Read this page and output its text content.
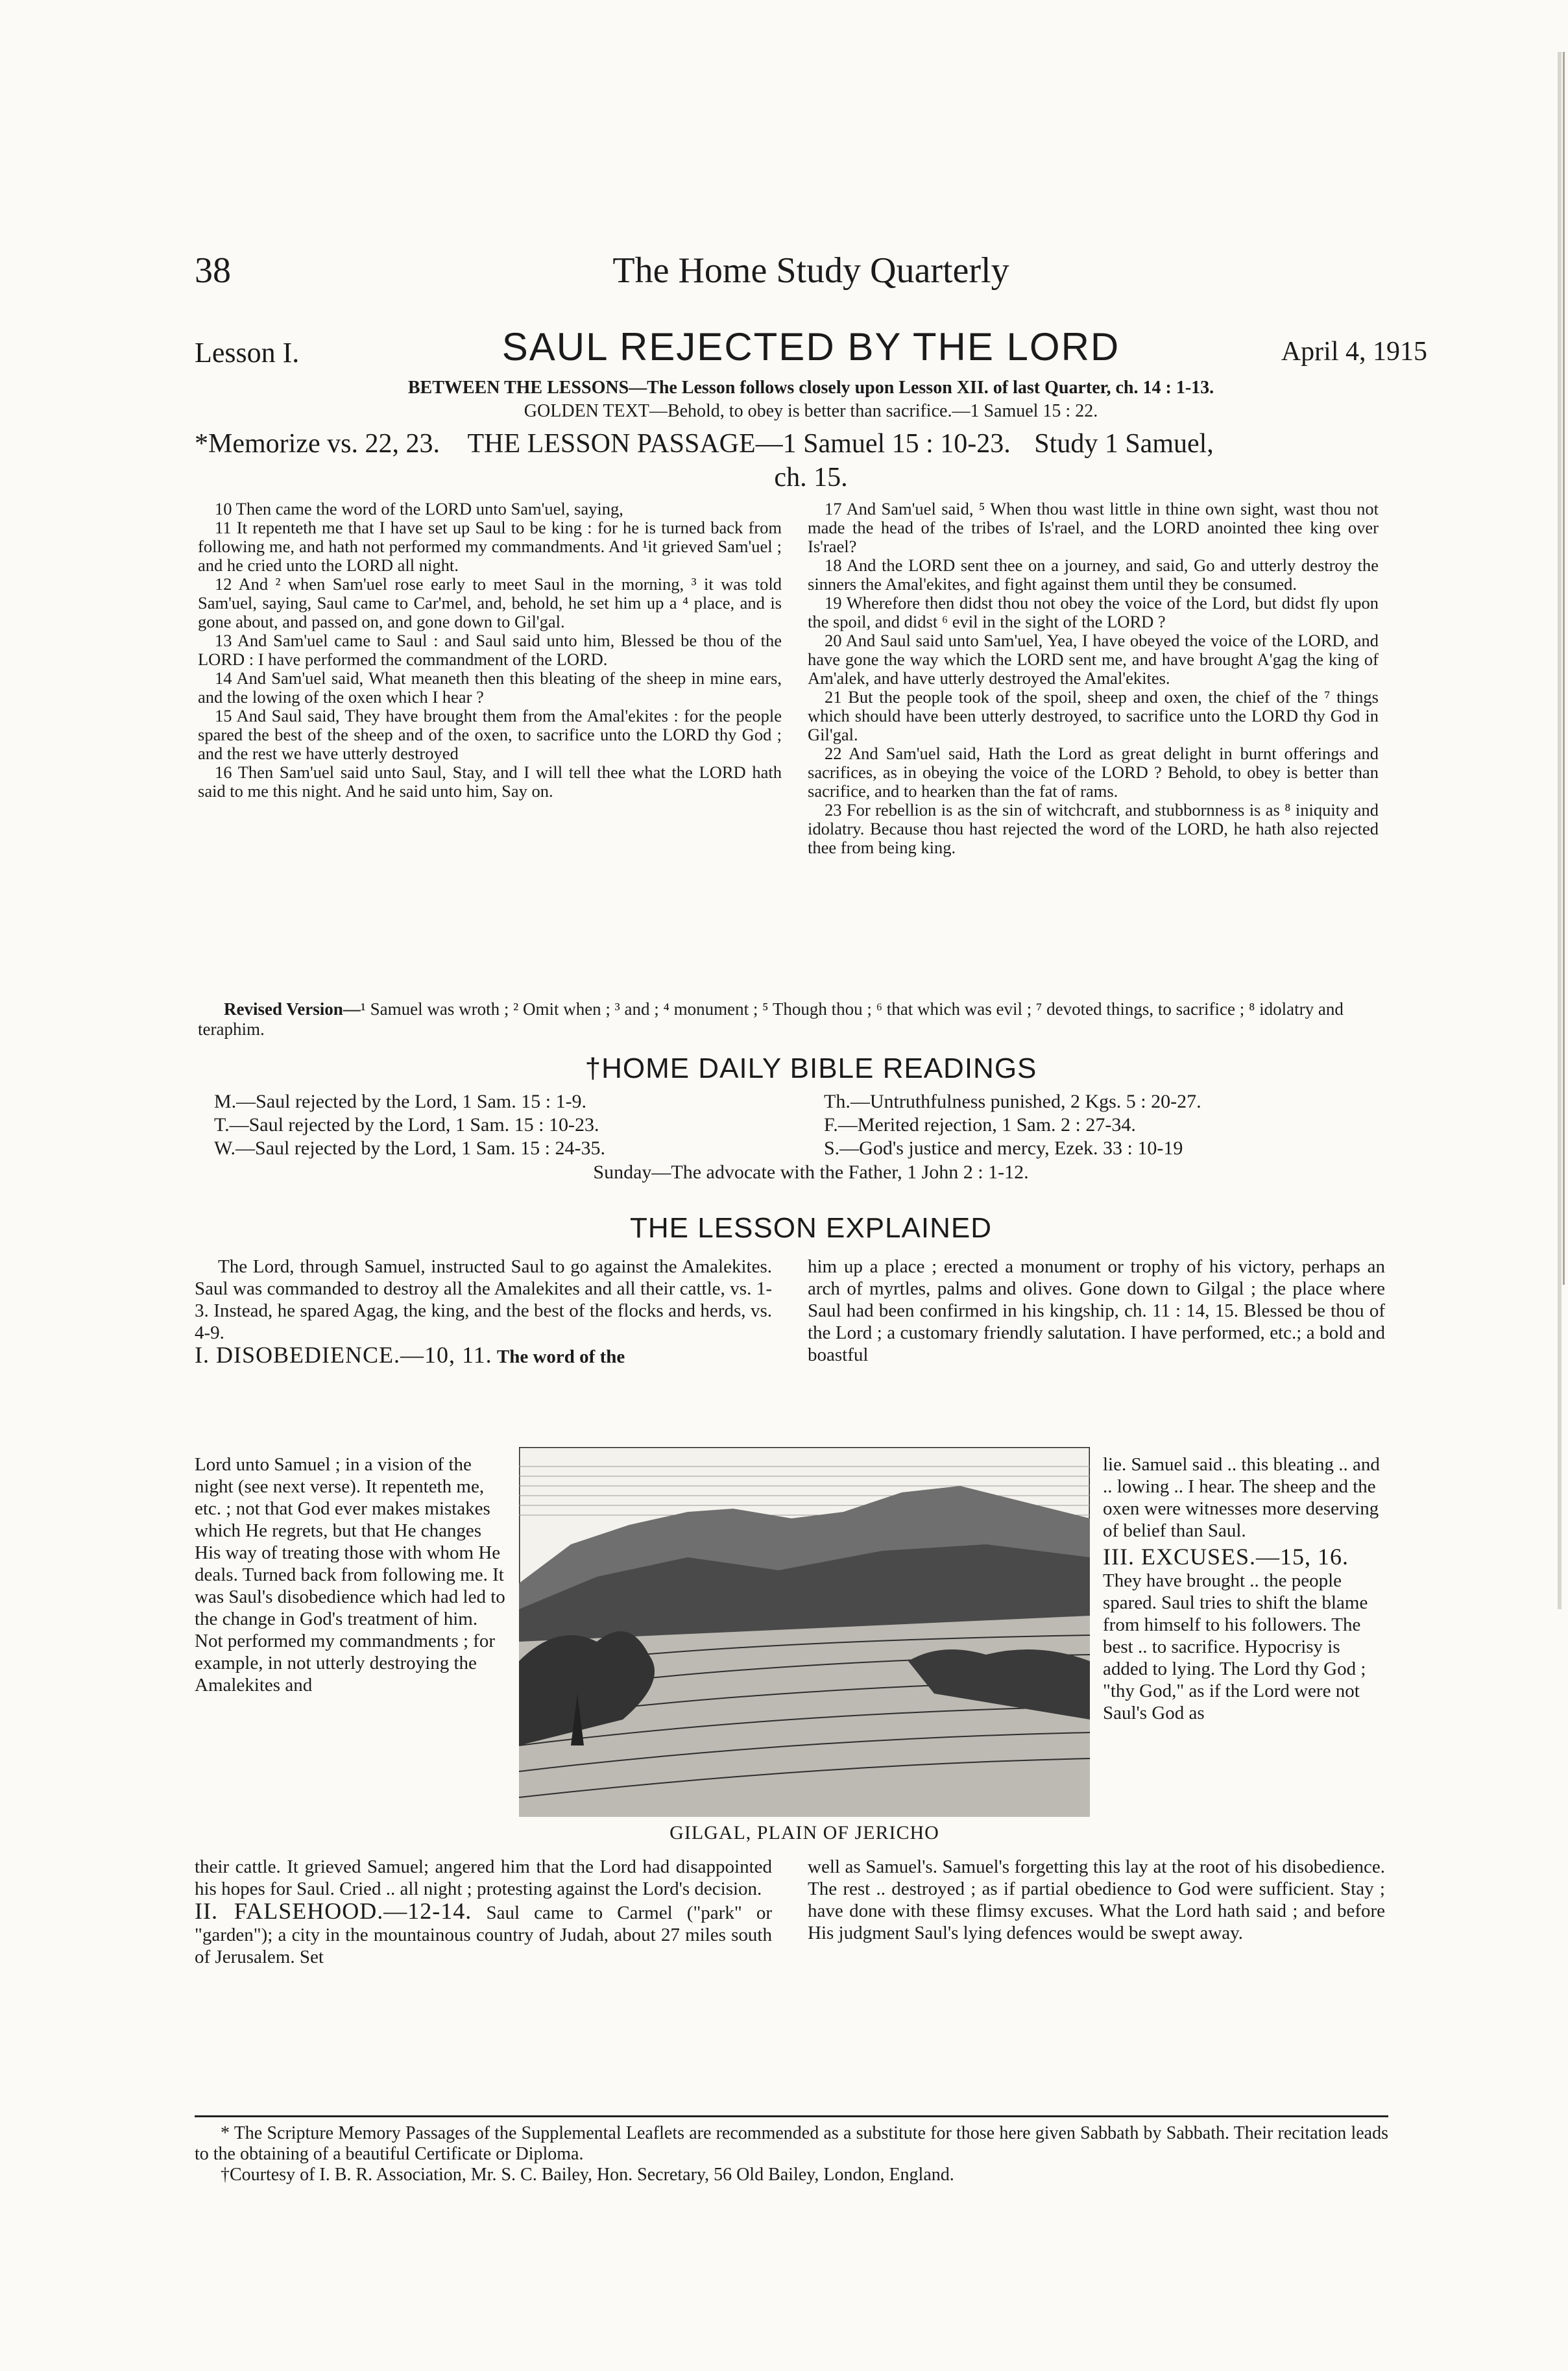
38	The Home Study Quarterly
Lesson I.	SAUL REJECTED BY THE LORD	April 4, 1915
BETWEEN THE LESSONS—The Lesson follows closely upon Lesson XII. of last Quarter, ch. 14 : 1-13.
GOLDEN TEXT—Behold, to obey is better than sacrifice.—1 Samuel 15 : 22.
*Memorize vs. 22, 23. THE LESSON PASSAGE—1 Samuel 15 : 10-23. Study 1 Samuel,
ch. 15.

10 Then came the word of the LORD unto Sam'uel, saying,

11 It repenteth me that I have set up Saul to be king : for he is turned back from following me, and hath not performed my commandments. And ¹it grieved Sam'uel ; and he cried unto the LORD all night.

12 And ² when Sam'uel rose early to meet Saul in the morning, ³ it was told Sam'uel, saying, Saul came to Car'mel, and, behold, he set him up a ⁴ place, and is gone about, and passed on, and gone down to Gil'gal.

13 And Sam'uel came to Saul : and Saul said unto him, Blessed be thou of the LORD : I have performed the commandment of the LORD.

14 And Sam'uel said, What meaneth then this bleating of the sheep in mine ears, and the lowing of the oxen which I hear ?

15 And Saul said, They have brought them from the Amal'ekites : for the people spared the best of the sheep and of the oxen, to sacrifice unto the LORD thy God ; and the rest we have utterly destroyed

16 Then Sam'uel said unto Saul, Stay, and I will tell thee what the LORD hath said to me this night. And he said unto him, Say on.

17 And Sam'uel said, ⁵ When thou wast little in thine own sight, wast thou not made the head of the tribes of Is'rael, and the LORD anointed thee king over Is'rael?

18 And the LORD sent thee on a journey, and said, Go and utterly destroy the sinners the Amal'ekites, and fight against them until they be consumed.

19 Wherefore then didst thou not obey the voice of the Lord, but didst fly upon the spoil, and didst ⁶ evil in the sight of the LORD ?

20 And Saul said unto Sam'uel, Yea, I have obeyed the voice of the LORD, and have gone the way which the LORD sent me, and have brought A'gag the king of Am'alek, and have utterly destroyed the Amal'ekites.

21 But the people took of the spoil, sheep and oxen, the chief of the ⁷ things which should have been utterly destroyed, to sacrifice unto the LORD thy God in Gil'gal.

22 And Sam'uel said, Hath the Lord as great delight in burnt offerings and sacrifices, as in obeying the voice of the LORD ? Behold, to obey is better than sacrifice, and to hearken than the fat of rams.

23 For rebellion is as the sin of witchcraft, and stubbornness is as ⁸ iniquity and idolatry. Because thou hast rejected the word of the LORD, he hath also rejected thee from being king.

Revised Version—¹ Samuel was wroth ; ² Omit when ; ³ and ; ⁴ monument ; ⁵ Though thou ; ⁶ that which was evil ; ⁷ devoted things, to sacrifice ; ⁸ idolatry and teraphim.
†HOME DAILY BIBLE READINGS
M.—Saul rejected by the Lord, 1 Sam. 15 : 1-9.
T.—Saul rejected by the Lord, 1 Sam. 15 : 10-23.
W.—Saul rejected by the Lord, 1 Sam. 15 : 24-35.
Th.—Untruthfulness punished, 2 Kgs. 5 : 20-27.
F.—Merited rejection, 1 Sam. 2 : 27-34.
S.—God's justice and mercy, Ezek. 33 : 10-19
Sunday—The advocate with the Father, 1 John 2 : 1-12.
THE LESSON EXPLAINED

The Lord, through Samuel, instructed Saul to go against the Amalekites. Saul was commanded to destroy all the Amalekites and all their cattle, vs. 1-3. Instead, he spared Agag, the king, and the best of the flocks and herds, vs. 4-9.

I. DISOBEDIENCE.—10, 11. The word of the

him up a place ; erected a monument or trophy of his victory, perhaps an arch of myrtles, palms and olives. Gone down to Gilgal ; the place where Saul had been confirmed in his kingship, ch. 11 : 14, 15. Blessed be thou of the Lord ; a customary friendly salutation. I have performed, etc.; a bold and boastful

Lord unto Samuel ; in a vision of the night (see next verse). It repenteth me, etc. ; not that God ever makes mistakes which He regrets, but that He changes His way of treating those with whom He deals. Turned back from following me. It was Saul's disobedience which had led to the change in God's treatment of him. Not performed my commandments ; for example, in not utterly destroying the Amalekites and

lie. Samuel said .. this bleating .. and .. lowing .. I hear. The sheep and the oxen were witnesses more deserving of belief than Saul.

III. EXCUSES.—15, 16.

They have brought .. the people spared. Saul tries to shift the blame from himself to his followers. The best .. to sacrifice. Hypocrisy is added to lying. The Lord thy God ; "thy God," as if the Lord were not Saul's God as

GILGAL, PLAIN OF JERICHO

their cattle. It grieved Samuel; angered him that the Lord had disappointed his hopes for Saul. Cried .. all night ; protesting against the Lord's decision.

II. FALSEHOOD.—12-14. Saul came to Carmel ("park" or "garden"); a city in the mountainous country of Judah, about 27 miles south of Jerusalem. Set

well as Samuel's. Samuel's forgetting this lay at the root of his disobedience. The rest .. destroyed ; as if partial obedience to God were sufficient. Stay ; have done with these flimsy excuses. What the Lord hath said ; and before His judgment Saul's lying defences would be swept away.

* The Scripture Memory Passages of the Supplemental Leaflets are recommended as a substitute for those here given Sabbath by Sabbath. Their recitation leads to the obtaining of a beautiful Certificate or Diploma.

†Courtesy of I. B. R. Association, Mr. S. C. Bailey, Hon. Secretary, 56 Old Bailey, London, England.
